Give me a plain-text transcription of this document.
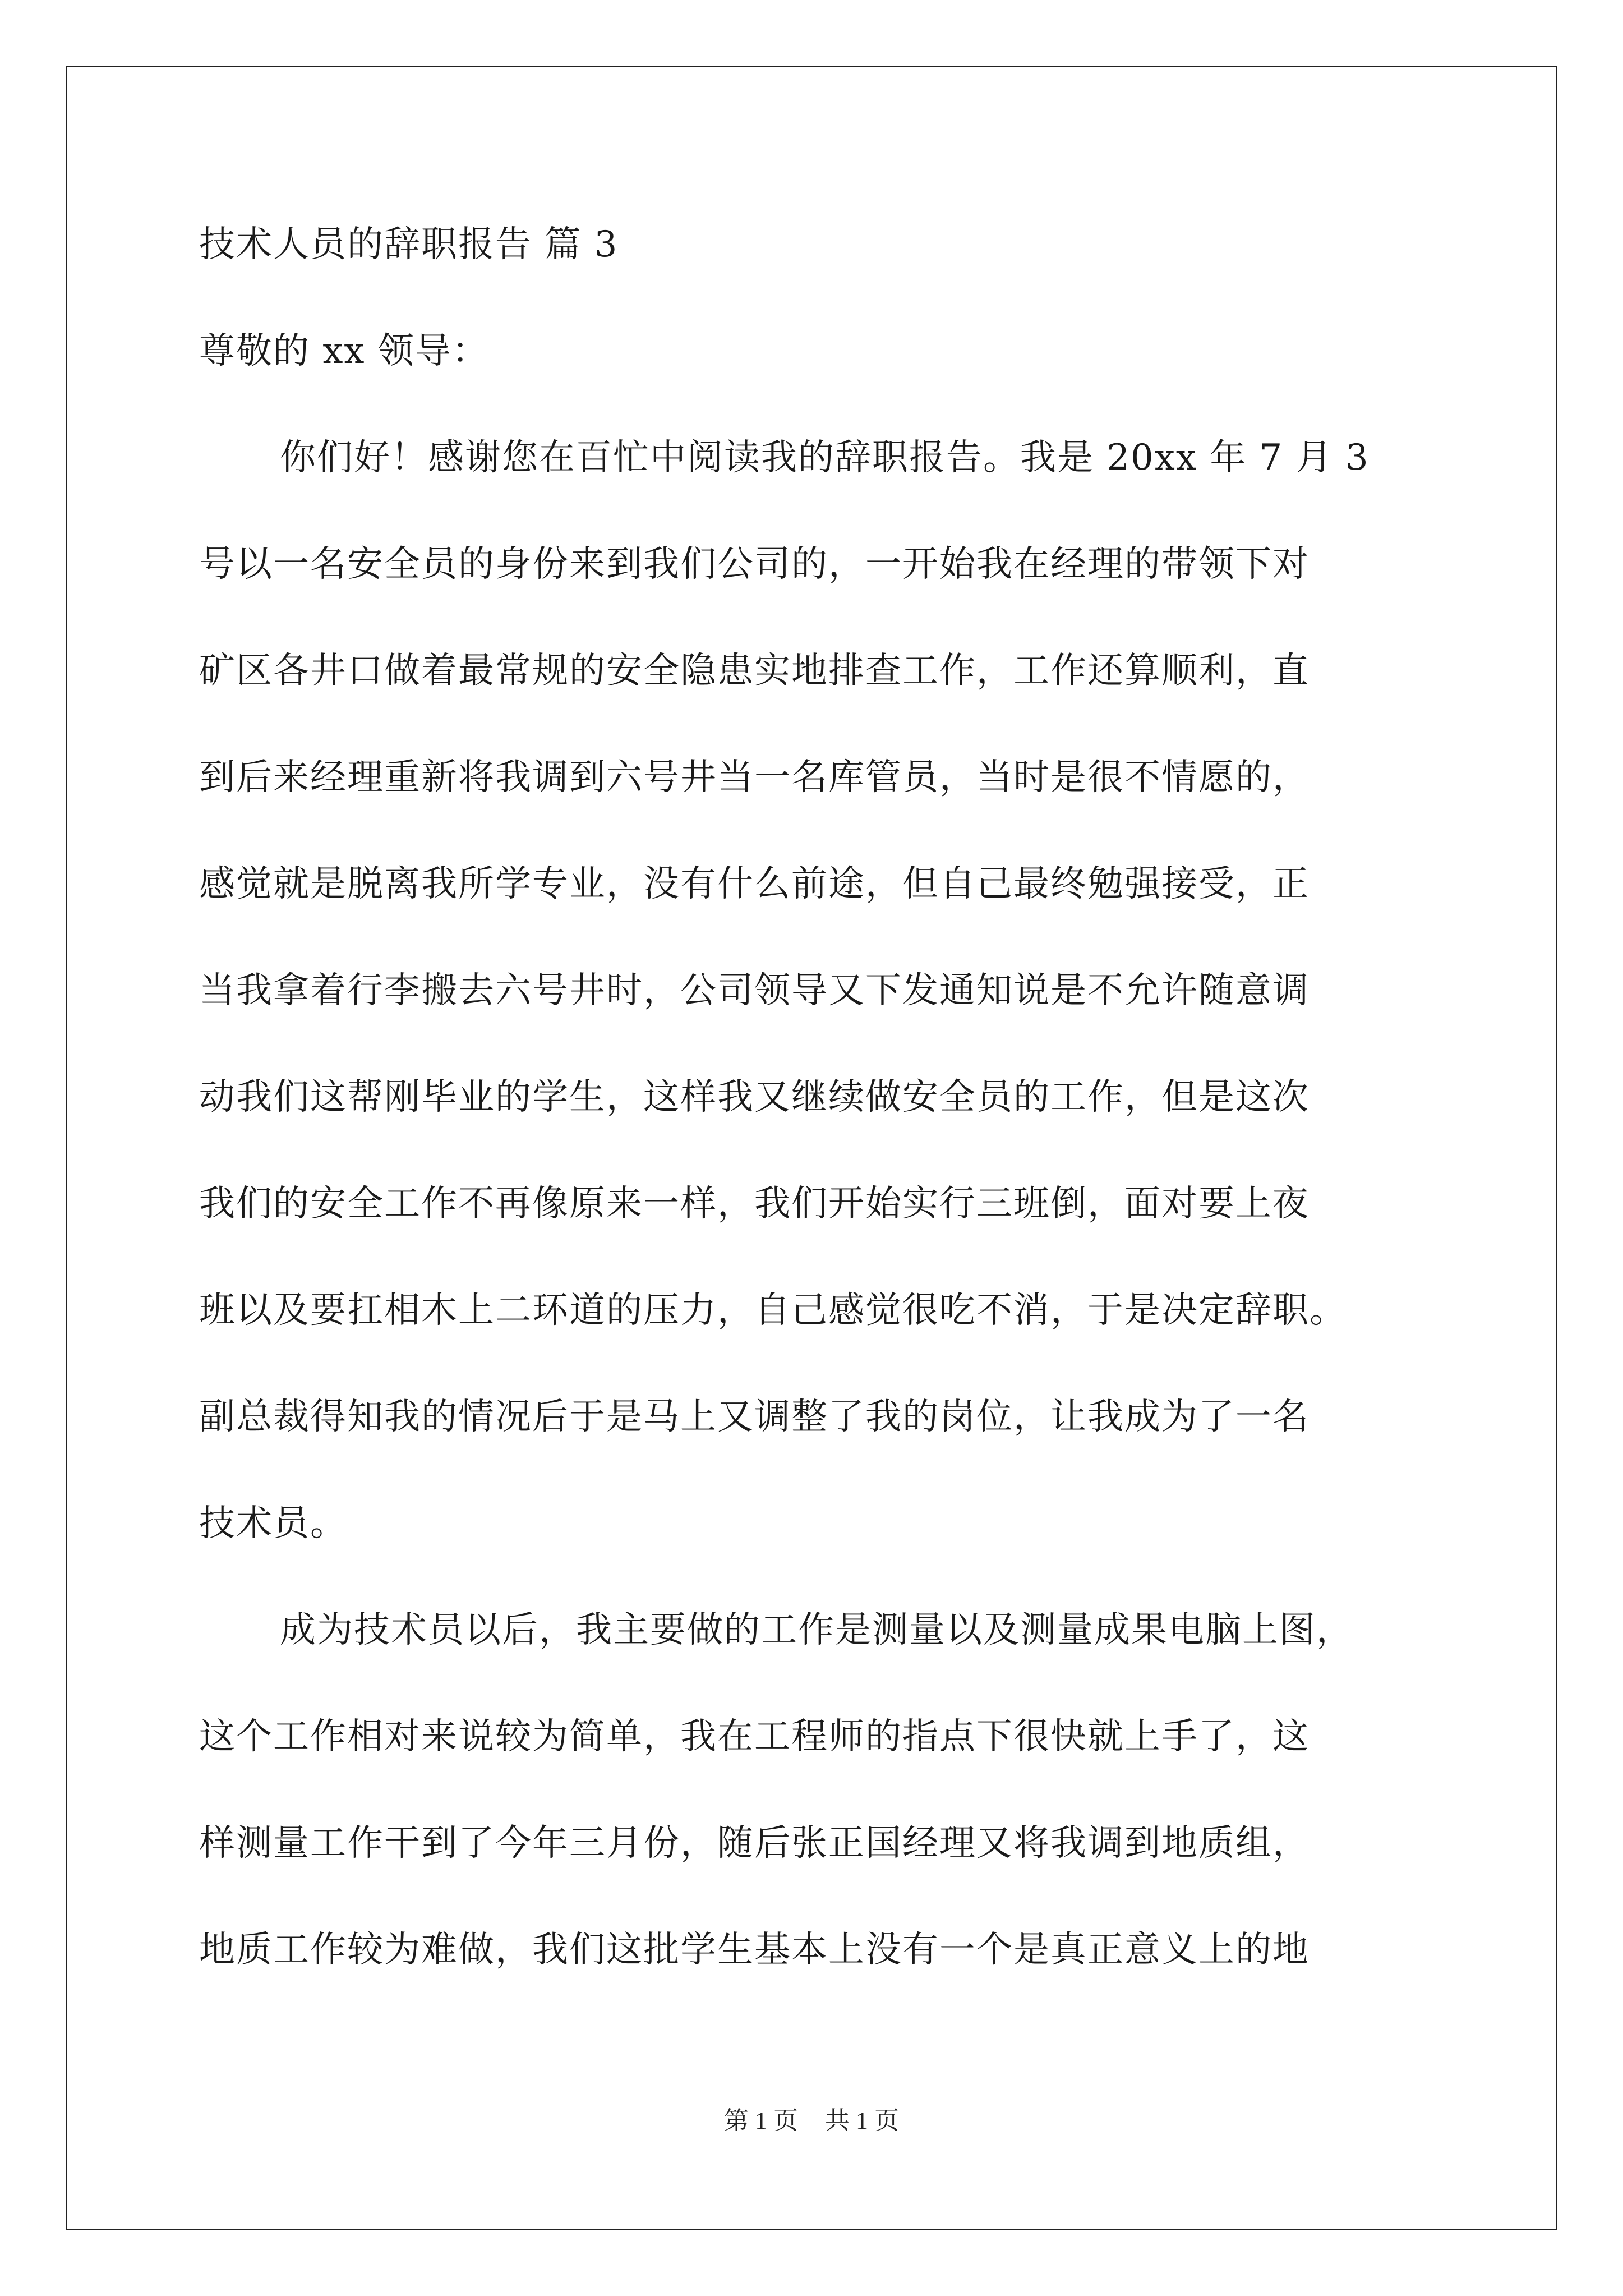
技术人员的辞职报告 篇 3

尊敬的 xx 领导：

你们好！感谢您在百忙中阅读我的辞职报告。我是 20xx 年 7 月 3

号以一名安全员的身份来到我们公司的，一开始我在经理的带领下对

矿区各井口做着最常规的安全隐患实地排查工作，工作还算顺利，直

到后来经理重新将我调到六号井当一名库管员，当时是很不情愿的，

感觉就是脱离我所学专业，没有什么前途，但自己最终勉强接受，正

当我拿着行李搬去六号井时，公司领导又下发通知说是不允许随意调

动我们这帮刚毕业的学生，这样我又继续做安全员的工作，但是这次

我们的安全工作不再像原来一样，我们开始实行三班倒，面对要上夜

班以及要扛相木上二环道的压力，自己感觉很吃不消，于是决定辞职。

副总裁得知我的情况后于是马上又调整了我的岗位，让我成为了一名

技术员。

成为技术员以后，我主要做的工作是测量以及测量成果电脑上图，

这个工作相对来说较为简单，我在工程师的指点下很快就上手了，这

样测量工作干到了今年三月份，随后张正国经理又将我调到地质组，

地质工作较为难做，我们这批学生基本上没有一个是真正意义上的地

第 1 页 共 1 页
